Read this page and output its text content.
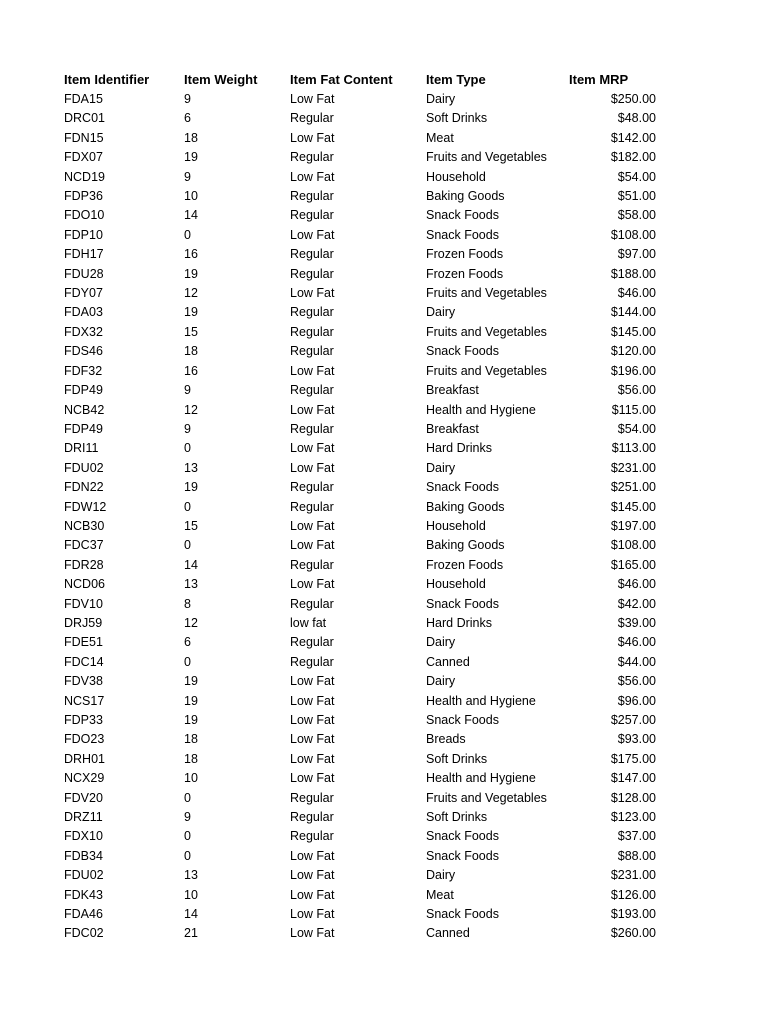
Item Identifier	Item Weight	Item Fat Content	Item Type	Item MRP
FDA15	9	Low Fat	Dairy	$250.00
DRC01	6	Regular	Soft Drinks	$48.00
FDN15	18	Low Fat	Meat	$142.00
FDX07	19	Regular	Fruits and Vegetables	$182.00
NCD19	9	Low Fat	Household	$54.00
FDP36	10	Regular	Baking Goods	$51.00
FDO10	14	Regular	Snack Foods	$58.00
FDP10	0	Low Fat	Snack Foods	$108.00
FDH17	16	Regular	Frozen Foods	$97.00
FDU28	19	Regular	Frozen Foods	$188.00
FDY07	12	Low Fat	Fruits and Vegetables	$46.00
FDA03	19	Regular	Dairy	$144.00
FDX32	15	Regular	Fruits and Vegetables	$145.00
FDS46	18	Regular	Snack Foods	$120.00
FDF32	16	Low Fat	Fruits and Vegetables	$196.00
FDP49	9	Regular	Breakfast	$56.00
NCB42	12	Low Fat	Health and Hygiene	$115.00
FDP49	9	Regular	Breakfast	$54.00
DRI11	0	Low Fat	Hard Drinks	$113.00
FDU02	13	Low Fat	Dairy	$231.00
FDN22	19	Regular	Snack Foods	$251.00
FDW12	0	Regular	Baking Goods	$145.00
NCB30	15	Low Fat	Household	$197.00
FDC37	0	Low Fat	Baking Goods	$108.00
FDR28	14	Regular	Frozen Foods	$165.00
NCD06	13	Low Fat	Household	$46.00
FDV10	8	Regular	Snack Foods	$42.00
DRJ59	12	low fat	Hard Drinks	$39.00
FDE51	6	Regular	Dairy	$46.00
FDC14	0	Regular	Canned	$44.00
FDV38	19	Low Fat	Dairy	$56.00
NCS17	19	Low Fat	Health and Hygiene	$96.00
FDP33	19	Low Fat	Snack Foods	$257.00
FDO23	18	Low Fat	Breads	$93.00
DRH01	18	Low Fat	Soft Drinks	$175.00
NCX29	10	Low Fat	Health and Hygiene	$147.00
FDV20	0	Regular	Fruits and Vegetables	$128.00
DRZ11	9	Regular	Soft Drinks	$123.00
FDX10	0	Regular	Snack Foods	$37.00
FDB34	0	Low Fat	Snack Foods	$88.00
FDU02	13	Low Fat	Dairy	$231.00
FDK43	10	Low Fat	Meat	$126.00
FDA46	14	Low Fat	Snack Foods	$193.00
FDC02	21	Low Fat	Canned	$260.00
